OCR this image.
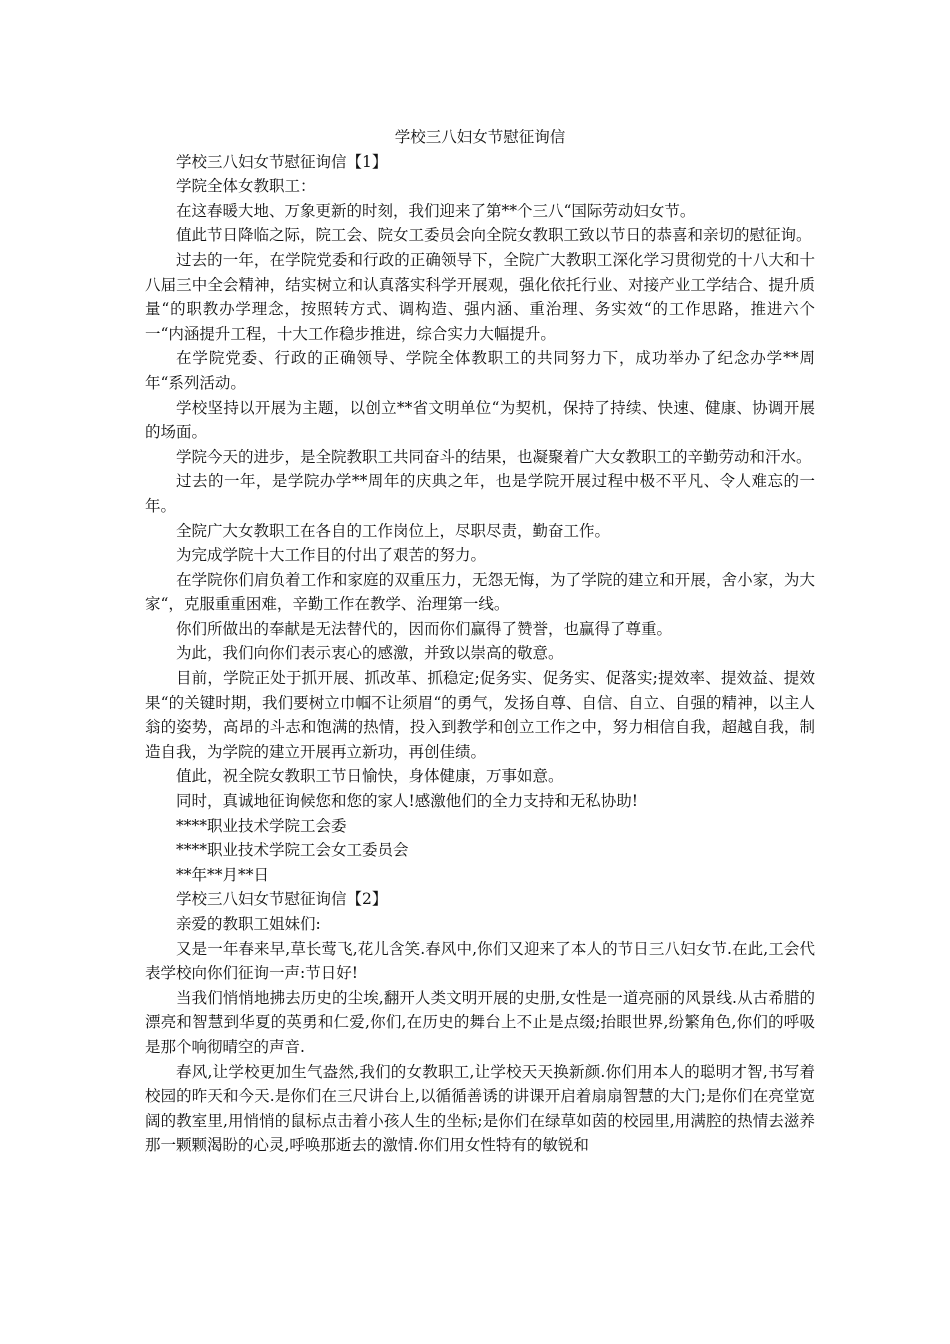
学校三八妇女节慰征询信
学校三八妇女节慰征询信【1】
学院全体女教职工：
在这春暖大地、万象更新的时刻，我们迎来了第**个三八“国际劳动妇女节。
值此节日降临之际，院工会、院女工委员会向全院女教职工致以节日的恭喜和亲切的慰征询。
过去的一年，在学院党委和行政的正确领导下，全院广大教职工深化学习贯彻党的十八大和十八届三中全会精神，结实树立和认真落实科学开展观，强化依托行业、对接产业工学结合、提升质量“的职教办学理念，按照转方式、调构造、强内涵、重治理、务实效“的工作思路，推进六个一“内涵提升工程，十大工作稳步推进，综合实力大幅提升。
在学院党委、行政的正确领导、学院全体教职工的共同努力下，成功举办了纪念办学**周年“系列活动。
学校坚持以开展为主题，以创立**省文明单位“为契机，保持了持续、快速、健康、协调开展的场面。
学院今天的进步，是全院教职工共同奋斗的结果，也凝聚着广大女教职工的辛勤劳动和汗水。
过去的一年，是学院办学**周年的庆典之年，也是学院开展过程中极不平凡、令人难忘的一年。
全院广大女教职工在各自的工作岗位上，尽职尽责，勤奋工作。
为完成学院十大工作目的付出了艰苦的努力。
在学院你们肩负着工作和家庭的双重压力，无怨无悔，为了学院的建立和开展，舍小家，为大家“，克服重重困难，辛勤工作在教学、治理第一线。
你们所做出的奉献是无法替代的，因而你们赢得了赞誉，也赢得了尊重。
为此，我们向你们表示衷心的感激，并致以崇高的敬意。
目前，学院正处于抓开展、抓改革、抓稳定;促务实、促务实、促落实;提效率、提效益、提效果“的关键时期，我们要树立巾帼不让须眉“的勇气，发扬自尊、自信、自立、自强的精神，以主人翁的姿势，高昂的斗志和饱满的热情，投入到教学和创立工作之中，努力相信自我，超越自我，制造自我，为学院的建立开展再立新功，再创佳绩。
值此，祝全院女教职工节日愉快，身体健康，万事如意。
同时，真诚地征询候您和您的家人!感激他们的全力支持和无私协助!
****职业技术学院工会委
****职业技术学院工会女工委员会
**年**月**日
学校三八妇女节慰征询信【2】
亲爱的教职工姐妹们:
又是一年春来早,草长莺飞,花儿含笑.春风中,你们又迎来了本人的节日三八妇女节.在此,工会代表学校向你们征询一声:节日好!
当我们悄悄地拂去历史的尘埃,翻开人类文明开展的史册,女性是一道亮丽的风景线.从古希腊的漂亮和智慧到华夏的英勇和仁爱,你们,在历史的舞台上不止是点缀;抬眼世界,纷繁角色,你们的呼吸是那个响彻晴空的声音.
春风,让学校更加生气盎然,我们的女教职工,让学校天天换新颜.你们用本人的聪明才智,书写着校园的昨天和今天.是你们在三尺讲台上,以循循善诱的讲课开启着扇扇智慧的大门;是你们在亮堂宽阔的教室里,用悄悄的鼠标点击着小孩人生的坐标;是你们在绿草如茵的校园里,用满腔的热情去滋养那一颗颗渴盼的心灵,呼唤那逝去的激情.你们用女性特有的敏锐和
